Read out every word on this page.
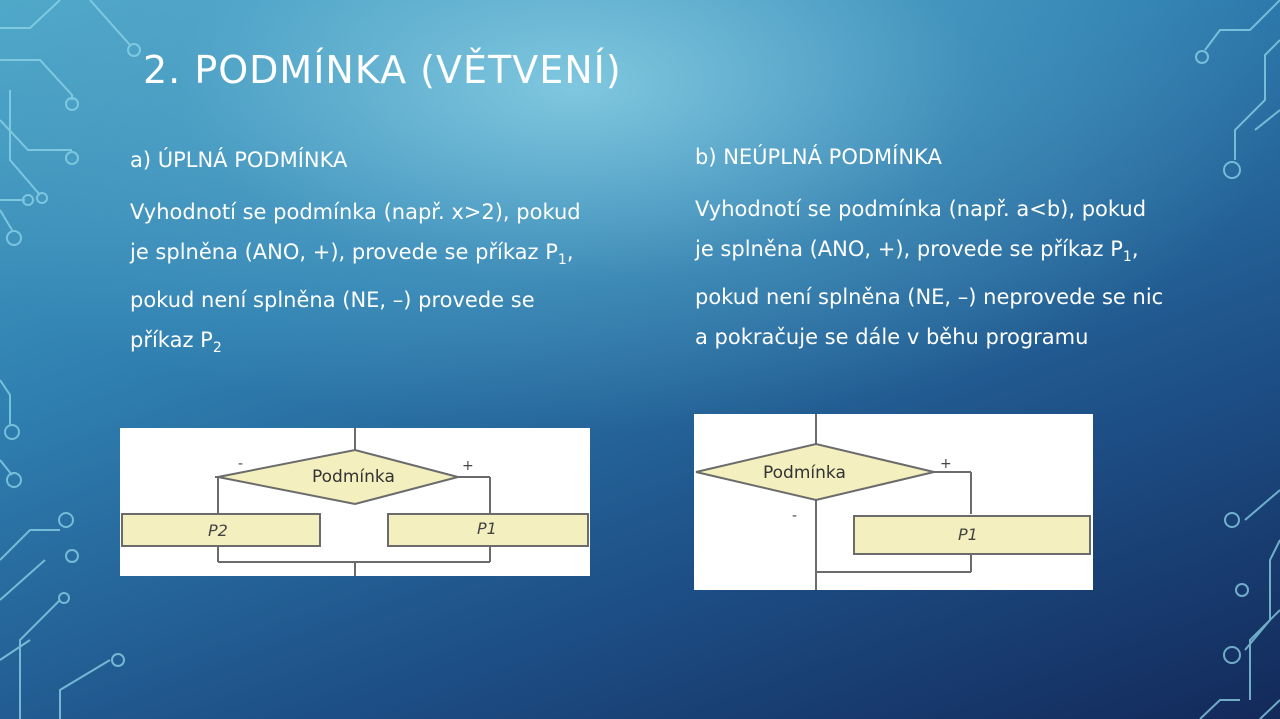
2. PODMÍNKA (VĚTVENÍ)
a) ÚPLNÁ PODMÍNKA

Vyhodnotí se podmínka (např. x>2), pokud je splněna (ANO, +), provede se příkaz $P_1$, pokud není splněna (NE, –) provede se příkaz $P_2$

b) NEÚPLNÁ PODMÍNKA

Vyhodnotí se podmínka (např. a<b), pokud je splněna (ANO, +), provede se příkaz $P_1$, pokud není splněna (NE, –) neprovede se nic a pokračuje se dále v běhu programu

Podmínka
-	+
P2	P1
Podmínka	+
-
P1
